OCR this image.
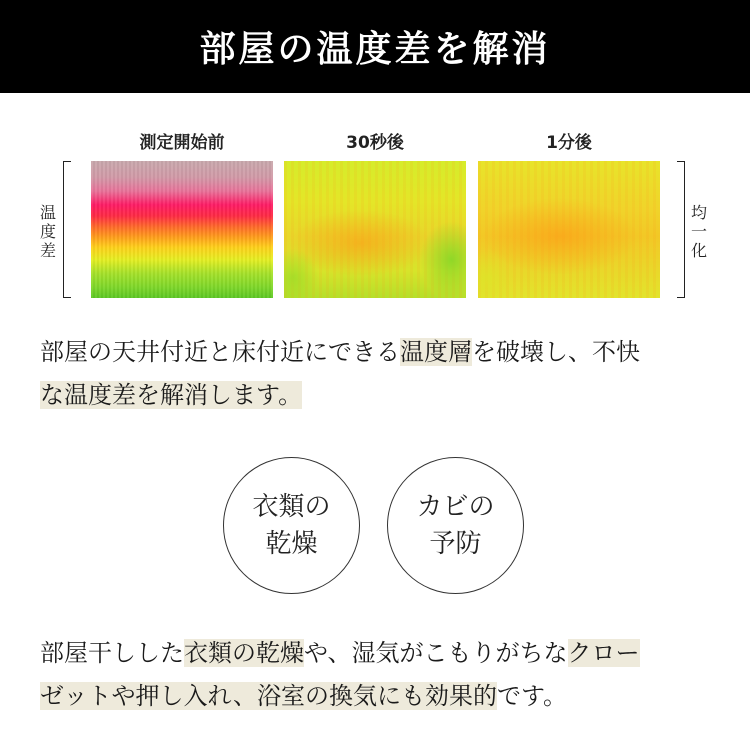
部屋の温度差を解消
測定開始前	30秒後	1分後
温
度
差
均
一
化
部屋の天井付近と床付近にできる温度層を破壊し、不快
な温度差を解消します。
衣類の
乾燥
カビの
予防
部屋干しした衣類の乾燥や、湿気がこもりがちなクロー
ゼットや押し入れ、浴室の換気にも効果的です。
